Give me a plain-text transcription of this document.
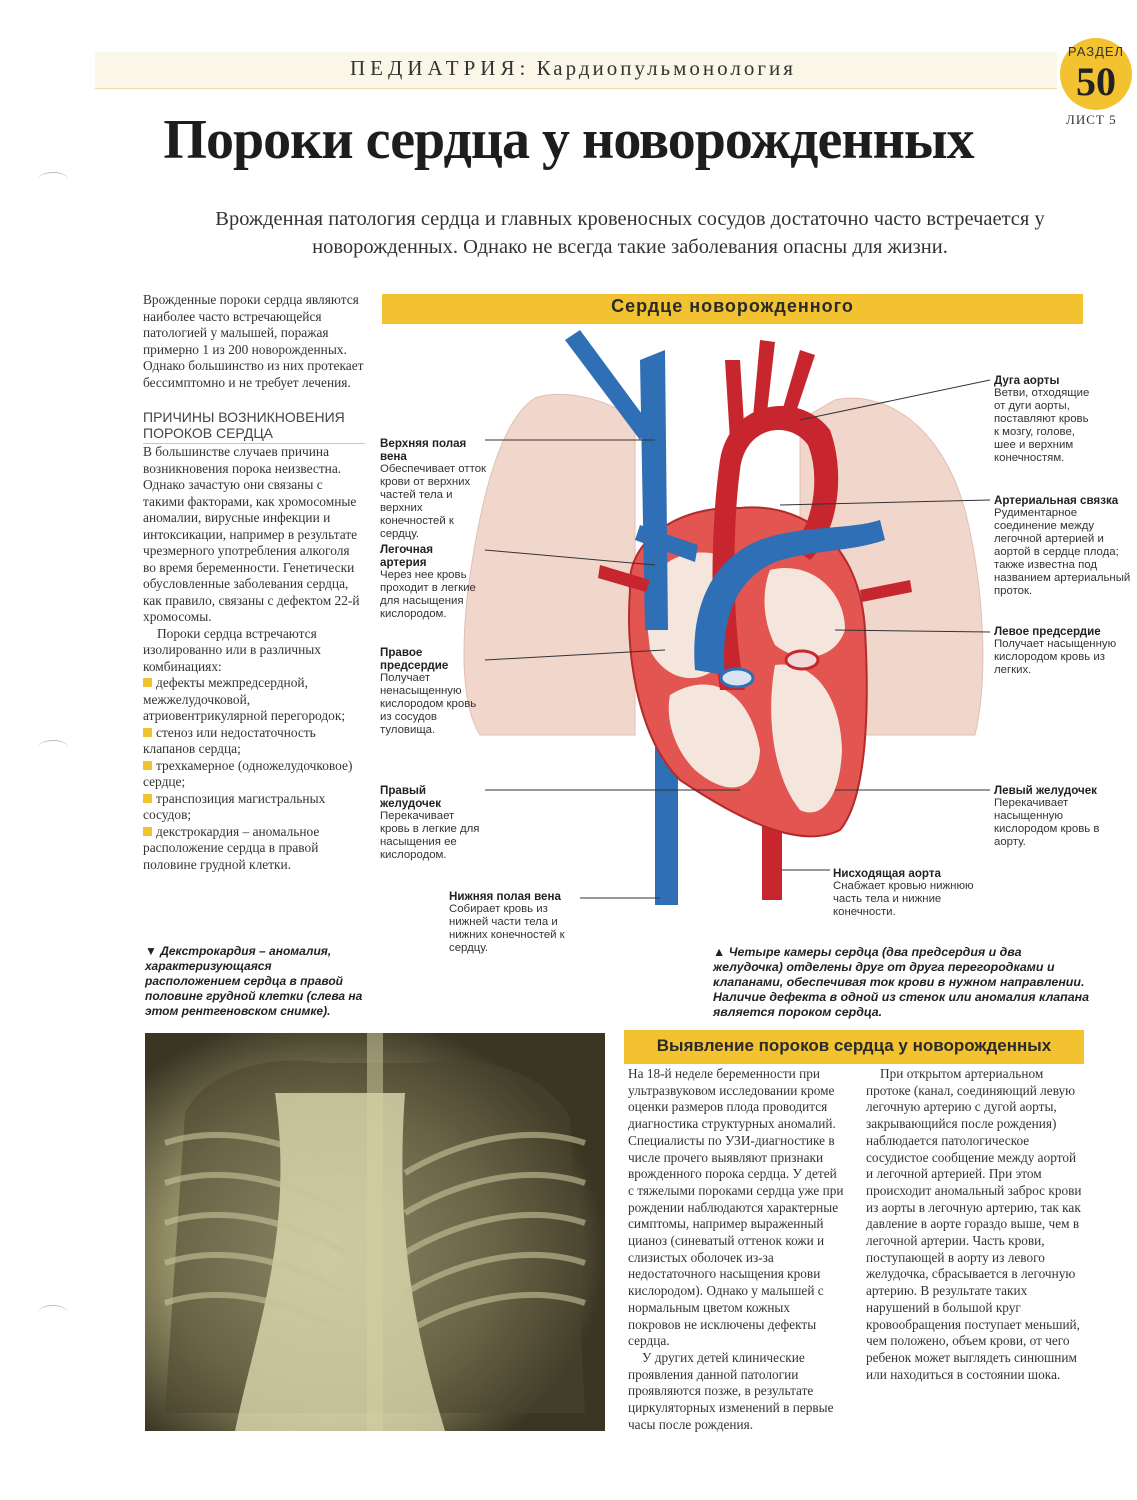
ПЕДИАТРИЯ: Кардиопульмонология
РАЗДЕЛ
50
ЛИСТ 5
Пороки сердца у новорожденных
Врожденная патология сердца и главных кровеносных сосудов достаточно часто встречается у новорожденных. Однако не всегда такие заболевания опасны для жизни.

Врожденные пороки сердца являются наиболее часто встречающейся патологией у малышей, поражая примерно 1 из 200 новорожденных. Однако большинство из них протекает бессимптомно и не требует лечения.

ПРИЧИНЫ ВОЗНИКНОВЕНИЯ ПОРОКОВ СЕРДЦА

В большинстве случаев причина возникновения порока неизвестна. Однако зачастую они связаны с такими факторами, как хромосомные аномалии, вирусные инфекции и интоксикации, например в результате чрезмерного употребления алкоголя во время беременности. Генетически обусловленные заболевания сердца, как правило, связаны с дефектом 22-й хромосомы.

Пороки сердца встречаются изолированно или в различных комбинациях:

дефекты межпредсердной, межжелудочковой, атриовентрикулярной перегородок;

стеноз или недостаточность клапанов сердца;

трехкамерное (одножелудочковое) сердце;

транспозиция магистральных сосудов;

декстрокардия – аномальное расположение сердца в правой половине грудной клетки.

▼ Декстрокардия – аномалия, характеризующаяся расположением сердца в правой половине грудной клетки (слева на этом рентгеновском снимке).
Сердце новорожденного
Верхняя полая вена
Обеспечивает отток крови от верхних частей тела и верхних конечностей к сердцу.
Легочная артерия
Через нее кровь проходит в легкие для насыщения кислородом.
Правое предсердие
Получает ненасыщенную кислородом кровь из сосудов туловища.
Правый желудочек
Перекачивает кровь в легкие для насыщения ее кислородом.
Нижняя полая вена
Собирает кровь из нижней части тела и нижних конечностей к сердцу.
Дуга аорты
Ветви, отходящие от дуги аорты, поставляют кровь к мозгу, голове, шее и верхним конечностям.
Артериальная связка
Рудиментарное соединение между легочной артерией и аортой в сердце плода; также известна под названием артериальный проток.
Левое предсердие
Получает насыщенную кислородом кровь из легких.
Левый желудочек
Перекачивает насыщенную кислородом кровь в аорту.
Нисходящая аорта
Снабжает кровью нижнюю часть тела и нижние конечности.
▲ Четыре камеры сердца (два предсердия и два желудочка) отделены друг от друга перегородками и клапанами, обеспечивая ток крови в нужном направлении. Наличие дефекта в одной из стенок или аномалия клапана является пороком сердца.
Выявление пороков сердца у новорожденных

На 18-й неделе беременности при ультразвуковом исследовании кроме оценки размеров плода проводится диагностика структурных аномалий. Специалисты по УЗИ-диагностике в числе прочего выявляют признаки врожденного порока сердца. У детей с тяжелыми пороками сердца уже при рождении наблюдаются характерные симптомы, например выраженный цианоз (синеватый оттенок кожи и слизистых оболочек из-за недостаточного насыщения крови кислородом). Однако у малышей с нормальным цветом кожных покровов не исключены дефекты сердца.

У других детей клинические проявления данной патологии проявляются позже, в результате циркуляторных изменений в первые часы после рождения.

При открытом артериальном протоке (канал, соединяющий левую легочную артерию с дугой аорты, закрывающийся после рождения) наблюдается патологическое сосудистое сообщение между аортой и легочной артерией. При этом происходит аномальный заброс крови из аорты в легочную артерию, так как давление в аорте гораздо выше, чем в легочной артерии. Часть крови, поступающей в аорту из левого желудочка, сбрасывается в легочную артерию. В результате таких нарушений в большой круг кровообращения поступает меньший, чем положено, объем крови, от чего ребенок может выглядеть синюшним или находиться в состоянии шока.
